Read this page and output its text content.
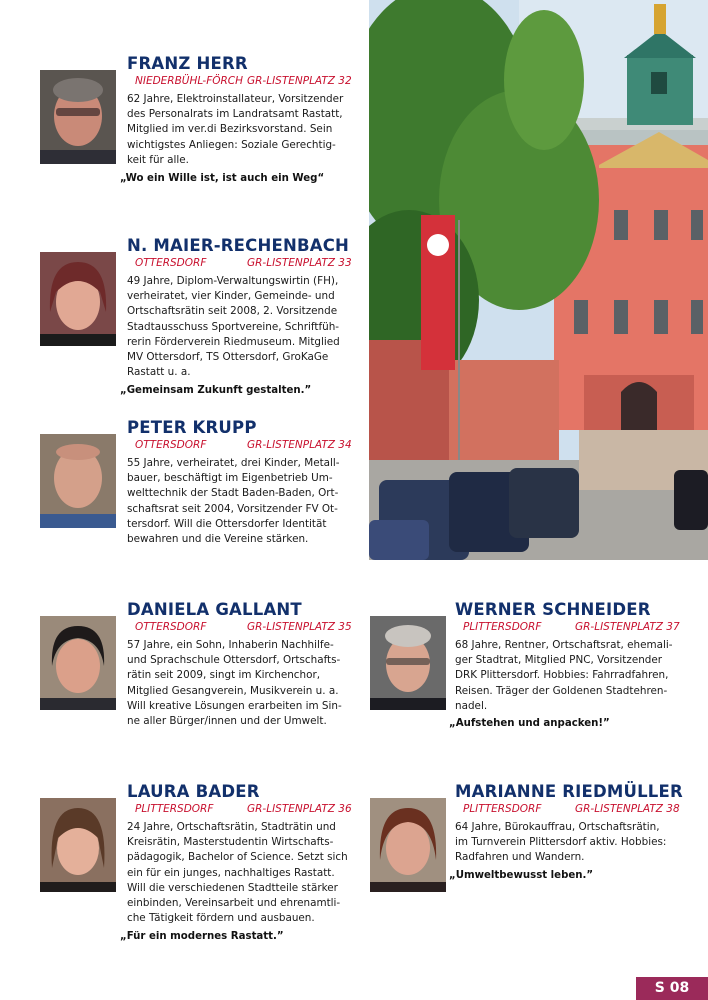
FRANZ HERR
NIEDERBÜHL-FÖRCH GR-LISTENPLATZ 32
62 Jahre, Elektroinstallateur, Vorsitzender
des Personalrats im Landratsamt Rastatt,
Mitglied im ver.di Bezirksvorstand. Sein
wichtigstes Anliegen: Soziale Gerechtig-
keit für alle.
„Wo ein Wille ist, ist auch ein Weg“
N. MAIER-RECHENBACH
OTTERSDORF	GR-LISTENPLATZ 33
49 Jahre, Diplom-Verwaltungswirtin (FH),
verheiratet, vier Kinder, Gemeinde- und
Ortschaftsrätin seit 2008, 2. Vorsitzende
Stadtausschuss Sportvereine, Schriftfüh-
rerin Förderverein Riedmuseum. Mitglied
MV Ottersdorf, TS Ottersdorf, GroKaGe
Rastatt u. a.
„Gemeinsam Zukunft gestalten.”
PETER KRUPP
OTTERSDORF	GR-LISTENPLATZ 34
55 Jahre, verheiratet, drei Kinder, Metall-
bauer, beschäftigt im Eigenbetrieb Um-
welttechnik der Stadt Baden-Baden, Ort-
schaftsrat seit 2004, Vorsitzender FV Ot-
tersdorf. Will die Ottersdorfer Identität
bewahren und die Vereine stärken.
DANIELA GALLANT
OTTERSDORF	GR-LISTENPLATZ 35
57 Jahre, ein Sohn, Inhaberin Nachhilfe-
und Sprachschule Ottersdorf, Ortschafts-
rätin seit 2009, singt im Kirchenchor,
Mitglied Gesangverein, Musikverein u. a.
Will kreative Lösungen erarbeiten im Sin-
ne aller Bürger/innen und der Umwelt.
WERNER SCHNEIDER
PLITTERSDORF	GR-LISTENPLATZ 37
68 Jahre, Rentner, Ortschaftsrat, ehemali-
ger Stadtrat, Mitglied PNC, Vorsitzender
DRK Plittersdorf. Hobbies: Fahrradfahren,
Reisen. Träger der Goldenen Stadtehren-
nadel.
„Aufstehen und anpacken!”
LAURA BADER
PLITTERSDORF	GR-LISTENPLATZ 36
24 Jahre, Ortschaftsrätin, Stadträtin und
Kreisrätin, Masterstudentin Wirtschafts-
pädagogik, Bachelor of Science. Setzt sich
ein für ein junges, nachhaltiges Rastatt.
Will die verschiedenen Stadtteile stärker
einbinden, Vereinsarbeit und ehrenamtli-
che Tätigkeit fördern und ausbauen.
„Für ein modernes Rastatt.”
MARIANNE RIEDMÜLLER
PLITTERSDORF	GR-LISTENPLATZ 38
64 Jahre, Bürokauffrau, Ortschaftsrätin,
im Turnverein Plittersdorf aktiv. Hobbies:
Radfahren und Wandern.
„Umweltbewusst leben.”
S 08
